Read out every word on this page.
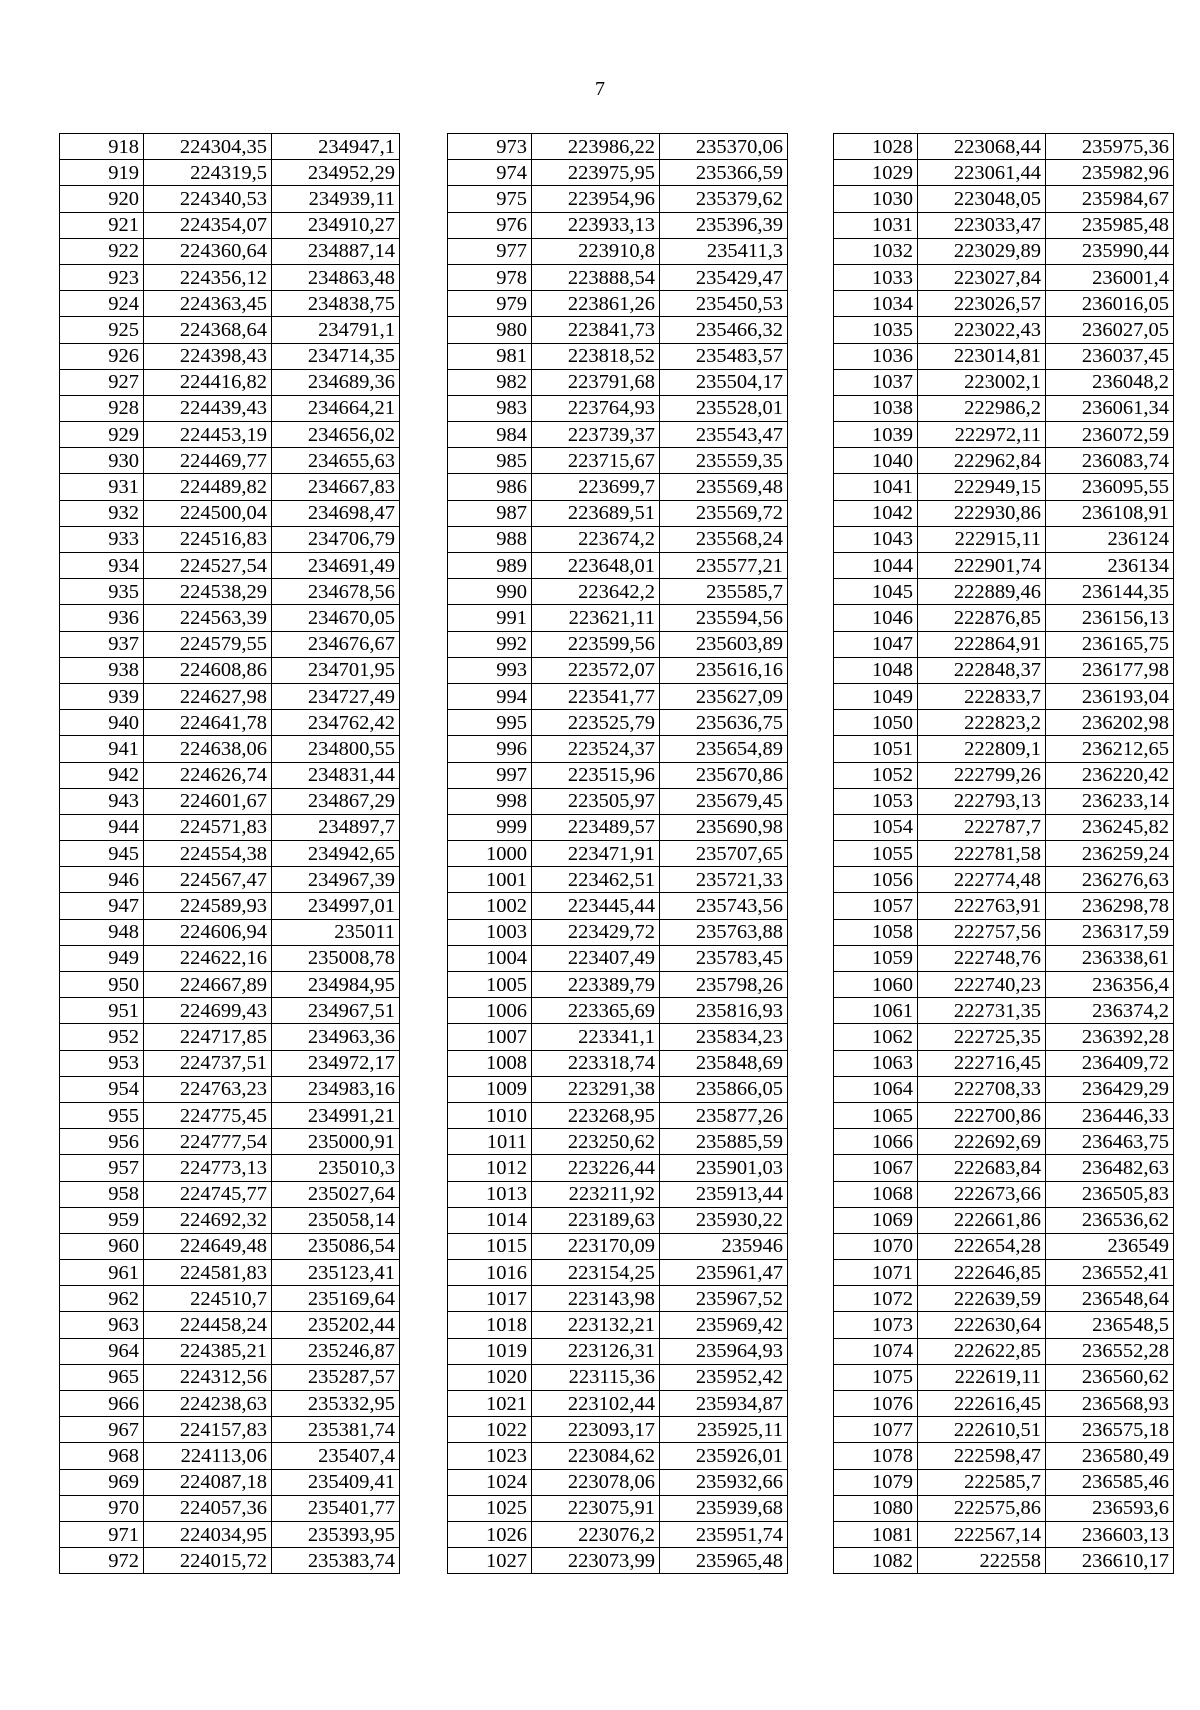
7
918	224304,35	234947,1
919	224319,5	234952,29
920	224340,53	234939,11
921	224354,07	234910,27
922	224360,64	234887,14
923	224356,12	234863,48
924	224363,45	234838,75
925	224368,64	234791,1
926	224398,43	234714,35
927	224416,82	234689,36
928	224439,43	234664,21
929	224453,19	234656,02
930	224469,77	234655,63
931	224489,82	234667,83
932	224500,04	234698,47
933	224516,83	234706,79
934	224527,54	234691,49
935	224538,29	234678,56
936	224563,39	234670,05
937	224579,55	234676,67
938	224608,86	234701,95
939	224627,98	234727,49
940	224641,78	234762,42
941	224638,06	234800,55
942	224626,74	234831,44
943	224601,67	234867,29
944	224571,83	234897,7
945	224554,38	234942,65
946	224567,47	234967,39
947	224589,93	234997,01
948	224606,94	235011
949	224622,16	235008,78
950	224667,89	234984,95
951	224699,43	234967,51
952	224717,85	234963,36
953	224737,51	234972,17
954	224763,23	234983,16
955	224775,45	234991,21
956	224777,54	235000,91
957	224773,13	235010,3
958	224745,77	235027,64
959	224692,32	235058,14
960	224649,48	235086,54
961	224581,83	235123,41
962	224510,7	235169,64
963	224458,24	235202,44
964	224385,21	235246,87
965	224312,56	235287,57
966	224238,63	235332,95
967	224157,83	235381,74
968	224113,06	235407,4
969	224087,18	235409,41
970	224057,36	235401,77
971	224034,95	235393,95
972	224015,72	235383,74
973	223986,22	235370,06
974	223975,95	235366,59
975	223954,96	235379,62
976	223933,13	235396,39
977	223910,8	235411,3
978	223888,54	235429,47
979	223861,26	235450,53
980	223841,73	235466,32
981	223818,52	235483,57
982	223791,68	235504,17
983	223764,93	235528,01
984	223739,37	235543,47
985	223715,67	235559,35
986	223699,7	235569,48
987	223689,51	235569,72
988	223674,2	235568,24
989	223648,01	235577,21
990	223642,2	235585,7
991	223621,11	235594,56
992	223599,56	235603,89
993	223572,07	235616,16
994	223541,77	235627,09
995	223525,79	235636,75
996	223524,37	235654,89
997	223515,96	235670,86
998	223505,97	235679,45
999	223489,57	235690,98
1000	223471,91	235707,65
1001	223462,51	235721,33
1002	223445,44	235743,56
1003	223429,72	235763,88
1004	223407,49	235783,45
1005	223389,79	235798,26
1006	223365,69	235816,93
1007	223341,1	235834,23
1008	223318,74	235848,69
1009	223291,38	235866,05
1010	223268,95	235877,26
1011	223250,62	235885,59
1012	223226,44	235901,03
1013	223211,92	235913,44
1014	223189,63	235930,22
1015	223170,09	235946
1016	223154,25	235961,47
1017	223143,98	235967,52
1018	223132,21	235969,42
1019	223126,31	235964,93
1020	223115,36	235952,42
1021	223102,44	235934,87
1022	223093,17	235925,11
1023	223084,62	235926,01
1024	223078,06	235932,66
1025	223075,91	235939,68
1026	223076,2	235951,74
1027	223073,99	235965,48
1028	223068,44	235975,36
1029	223061,44	235982,96
1030	223048,05	235984,67
1031	223033,47	235985,48
1032	223029,89	235990,44
1033	223027,84	236001,4
1034	223026,57	236016,05
1035	223022,43	236027,05
1036	223014,81	236037,45
1037	223002,1	236048,2
1038	222986,2	236061,34
1039	222972,11	236072,59
1040	222962,84	236083,74
1041	222949,15	236095,55
1042	222930,86	236108,91
1043	222915,11	236124
1044	222901,74	236134
1045	222889,46	236144,35
1046	222876,85	236156,13
1047	222864,91	236165,75
1048	222848,37	236177,98
1049	222833,7	236193,04
1050	222823,2	236202,98
1051	222809,1	236212,65
1052	222799,26	236220,42
1053	222793,13	236233,14
1054	222787,7	236245,82
1055	222781,58	236259,24
1056	222774,48	236276,63
1057	222763,91	236298,78
1058	222757,56	236317,59
1059	222748,76	236338,61
1060	222740,23	236356,4
1061	222731,35	236374,2
1062	222725,35	236392,28
1063	222716,45	236409,72
1064	222708,33	236429,29
1065	222700,86	236446,33
1066	222692,69	236463,75
1067	222683,84	236482,63
1068	222673,66	236505,83
1069	222661,86	236536,62
1070	222654,28	236549
1071	222646,85	236552,41
1072	222639,59	236548,64
1073	222630,64	236548,5
1074	222622,85	236552,28
1075	222619,11	236560,62
1076	222616,45	236568,93
1077	222610,51	236575,18
1078	222598,47	236580,49
1079	222585,7	236585,46
1080	222575,86	236593,6
1081	222567,14	236603,13
1082	222558	236610,17
